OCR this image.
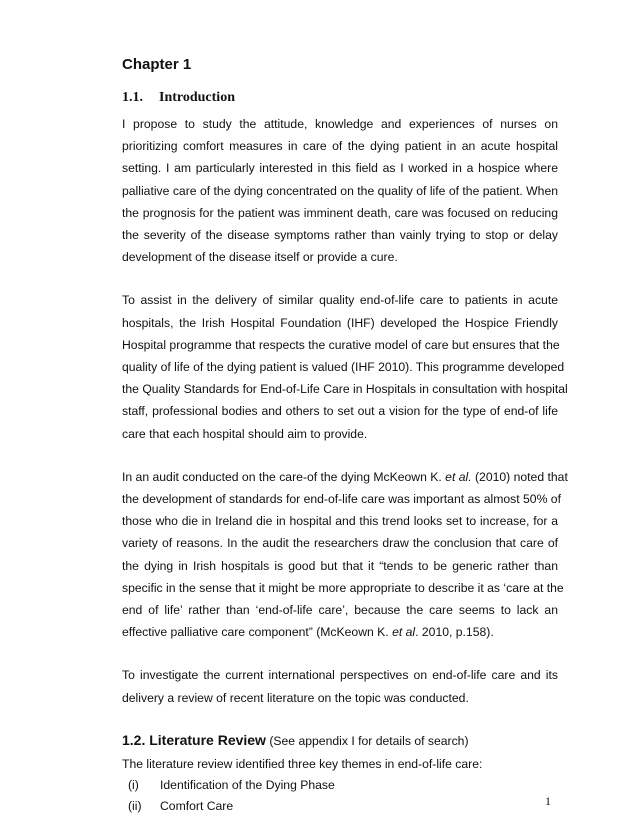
Chapter 1
1.1. Introduction

I propose to study the attitude, knowledge and experiences of nurses on
prioritizing comfort measures in care of the dying patient in an acute hospital
setting. I am particularly interested in this field as I worked in a hospice where
palliative care of the dying concentrated on the quality of life of the patient. When
the prognosis for the patient was imminent death, care was focused on reducing
the severity of the disease symptoms rather than vainly trying to stop or delay
development of the disease itself or provide a cure.

To assist in the delivery of similar quality end-of-life care to patients in acute
hospitals, the Irish Hospital Foundation (IHF) developed the Hospice Friendly
Hospital programme that respects the curative model of care but ensures that the
quality of life of the dying patient is valued (IHF 2010). This programme developed
the Quality Standards for End-of-Life Care in Hospitals in consultation with hospital
staff, professional bodies and others to set out a vision for the type of end-of life
care that each hospital should aim to provide.

In an audit conducted on the care-of the dying McKeown K. et al. (2010) noted that
the development of standards for end-of-life care was important as almost 50% of
those who die in Ireland die in hospital and this trend looks set to increase, for a
variety of reasons. In the audit the researchers draw the conclusion that care of
the dying in Irish hospitals is good but that it “tends to be generic rather than
specific in the sense that it might be more appropriate to describe it as ‘care at the
end of life’ rather than ‘end-of-life care’, because the care seems to lack an
effective palliative care component” (McKeown K. et al. 2010, p.158).

To investigate the current international perspectives on end-of-life care and its
delivery a review of recent literature on the topic was conducted.

1.2. Literature Review (See appendix I for details of search)

The literature review identified three key themes in end-of-life care:

(i)	Identification of the Dying Phase
(ii)	Comfort Care	1
